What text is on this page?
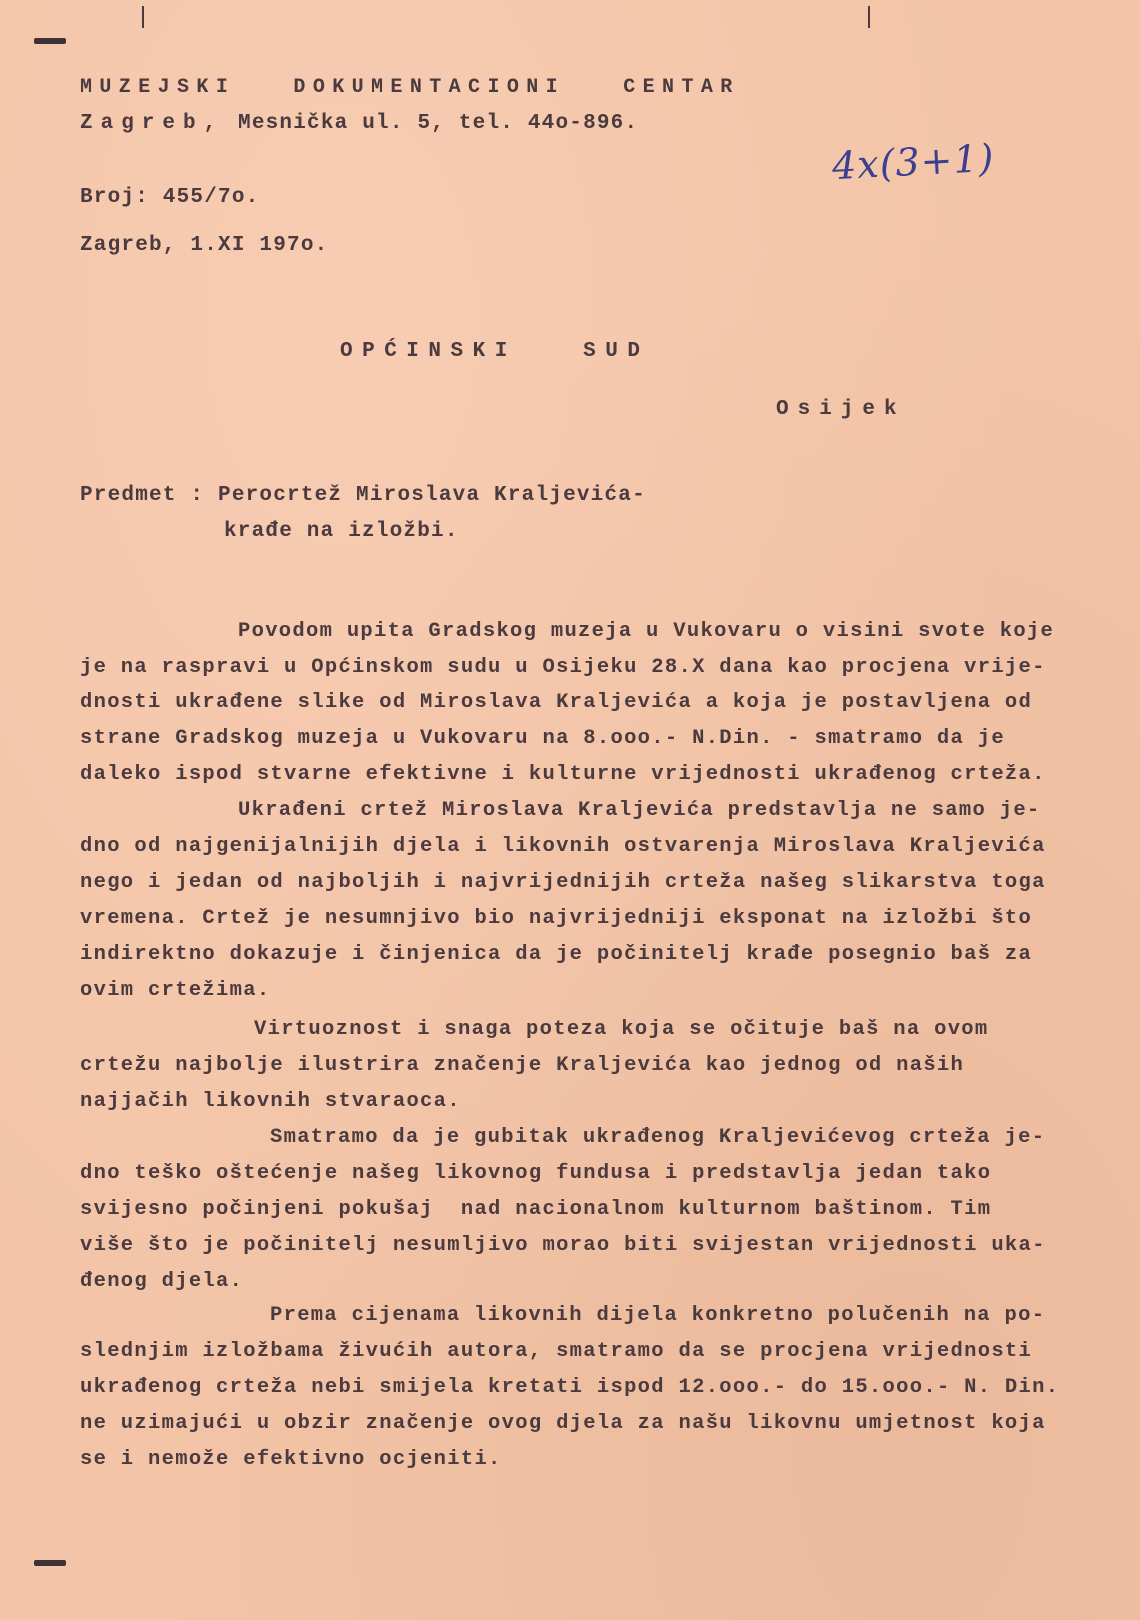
MUZEJSKI   DOKUMENTACIONI   CENTAR
Zagreb, Mesnička ul. 5, tel. 44o-896.
4x(3+1)
Broj: 455/7o.
Zagreb, 1.XI 197o.
OPĆINSKI   SUD
Osijek
Predmet : Perocrtež Miroslava Kraljevića-
krađe na izložbi.
Povodom upita Gradskog muzeja u Vukovaru o visini svote koje
je na raspravi u Općinskom sudu u Osijeku 28.X dana kao procjena vrije-
dnosti ukrađene slike od Miroslava Kraljevića a koja je postavljena od
strane Gradskog muzeja u Vukovaru na 8.ooo.- N.Din. - smatramo da je
daleko ispod stvarne efektivne i kulturne vrijednosti ukrađenog crteža.
Ukrađeni crtež Miroslava Kraljevića predstavlja ne samo je-
dno od najgenijalnijih djela i likovnih ostvarenja Miroslava Kraljevića
nego i jedan od najboljih i najvrijednijih crteža našeg slikarstva toga
vremena. Crtež je nesumnjivo bio najvrijedniji eksponat na izložbi što
indirektno dokazuje i činjenica da je počinitelj krađe posegnio baš za
ovim crtežima.
Virtuoznost i snaga poteza koja se očituje baš na ovom
crtežu najbolje ilustrira značenje Kraljevića kao jednog od naših
najjačih likovnih stvaraoca.
Smatramo da je gubitak ukrađenog Kraljevićevog crteža je-
dno teško oštećenje našeg likovnog fundusa i predstavlja jedan tako
svijesno počinjeni pokušaj  nad nacionalnom kulturnom baštinom. Tim
više što je počinitelj nesumljivo morao biti svijestan vrijednosti uka-
đenog djela.
Prema cijenama likovnih dijela konkretno polučenih na po-
slednjim izložbama živućih autora, smatramo da se procjena vrijednosti
ukrađenog crteža nebi smijela kretati ispod 12.ooo.- do 15.ooo.- N. Din.
ne uzimajući u obzir značenje ovog djela za našu likovnu umjetnost koja
se i nemože efektivno ocjeniti.
